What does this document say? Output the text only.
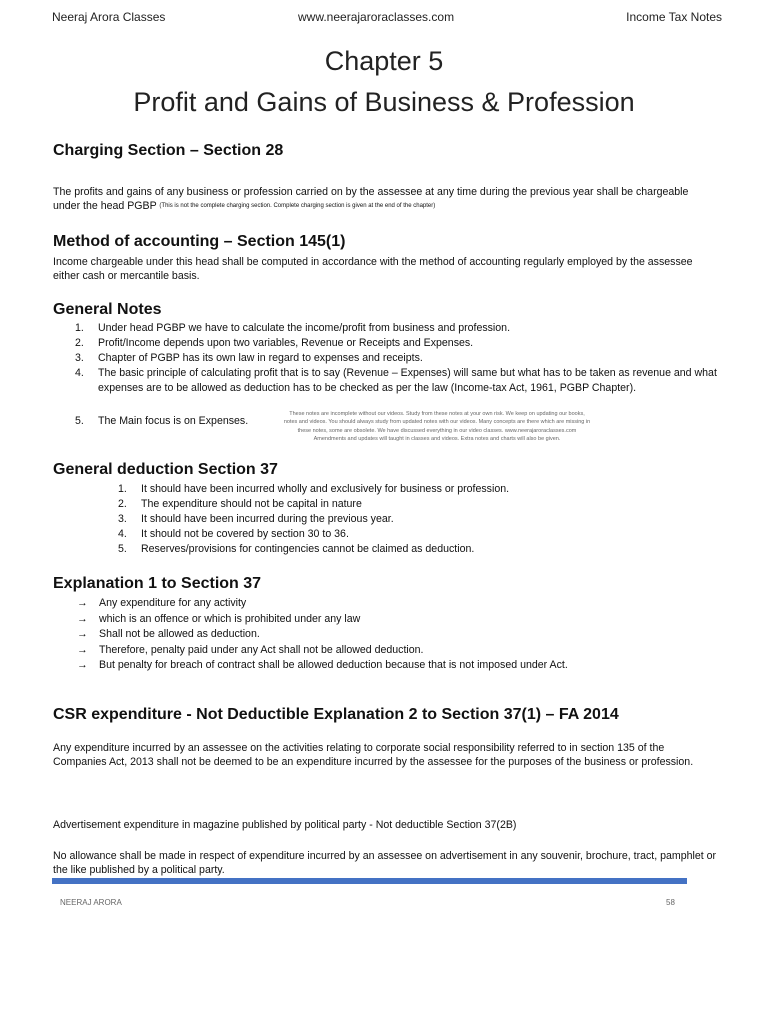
Neeraj Arora Classes	www.neerajaroraclasses.com	Income Tax Notes
Chapter 5
Profit and Gains of Business & Profession
Charging Section – Section 28
The profits and gains of any business or profession carried on by the assessee at any time during the previous year shall be chargeable under the head PGBP $^{(This is not the complete charging section. Complete charging section is given at the end of the chapter)}$
Method of accounting – Section 145(1)
Income chargeable under this head shall be computed in accordance with the method of accounting regularly employed by the assessee either cash or mercantile basis.
General Notes
1. Under head PGBP we have to calculate the income/profit from business and profession.
2. Profit/Income depends upon two variables, Revenue or Receipts and Expenses.
3. Chapter of PGBP has its own law in regard to expenses and receipts.
4. The basic principle of calculating profit that is to say (Revenue – Expenses) will same but what has to be taken as revenue and what expenses are to be allowed as deduction has to be checked as per the law (Income-tax Act, 1961, PGBP Chapter).
5. The Main focus is on Expenses.
These notes are incomplete without our videos. Study from these notes at your own risk. We keep on updating our books, notes and videos. You should always study from updated notes with our videos. Many concepts are there which are missing in these notes, some are obsolete. We have discussed everything in our video classes. www.neerajaroraclasses.com Amendments and updates will taught in classes and videos. Extra notes and charts will also be given.
General deduction Section 37
1. It should have been incurred wholly and exclusively for business or profession.
2. The expenditure should not be capital in nature
3. It should have been incurred during the previous year.
4. It should not be covered by section 30 to 36.
5. Reserves/provisions for contingencies cannot be claimed as deduction.
Explanation 1 to Section 37
→ Any expenditure for any activity
→ which is an offence or which is prohibited under any law
→ Shall not be allowed as deduction.
→ Therefore, penalty paid under any Act shall not be allowed deduction.
→ But penalty for breach of contract shall be allowed deduction because that is not imposed under Act.
CSR expenditure - Not Deductible Explanation 2 to Section 37(1) – FA 2014
Any expenditure incurred by an assessee on the activities relating to corporate social responsibility referred to in section 135 of the Companies Act, 2013 shall not be deemed to be an expenditure incurred by the assessee for the purposes of the business or profession.
Advertisement expenditure in magazine published by political party - Not deductible Section 37(2B)
No allowance shall be made in respect of expenditure incurred by an assessee on advertisement in any souvenir, brochure, tract, pamphlet or the like published by a political party.
NEERAJ ARORA	58
